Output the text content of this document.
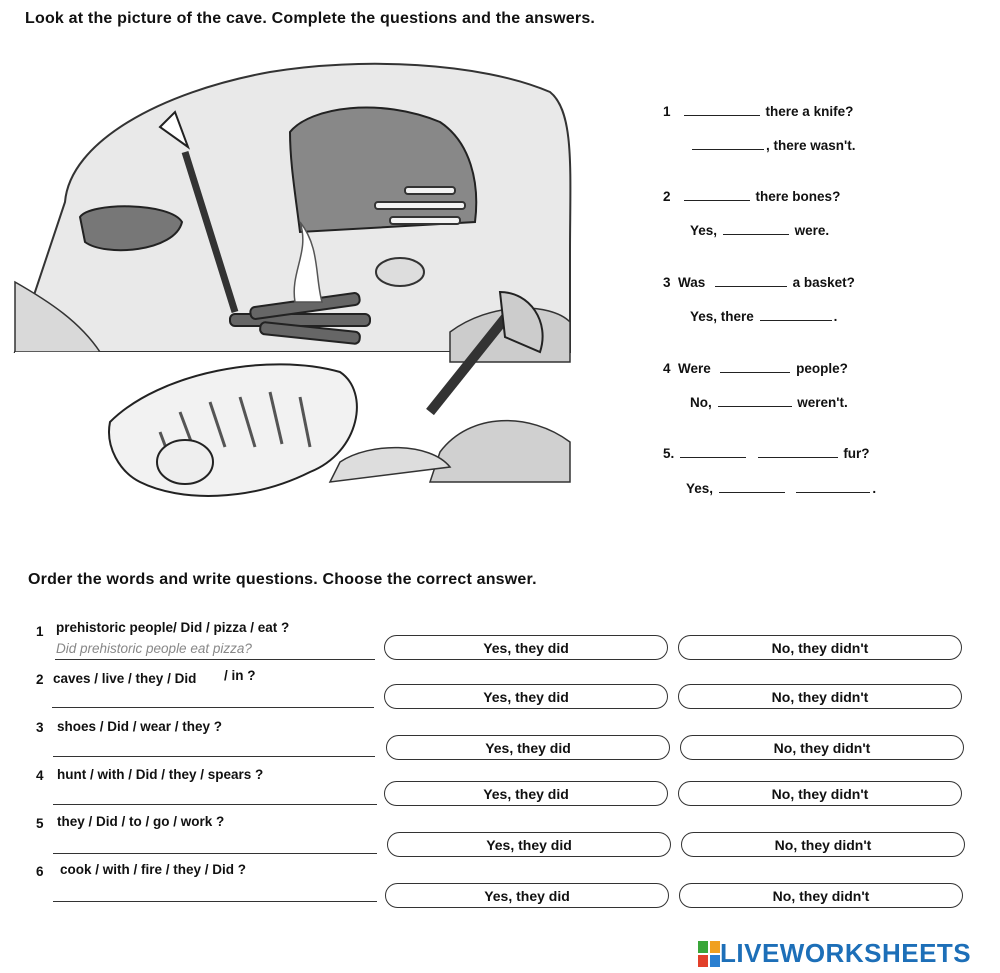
Look at the picture of the cave. Complete the questions and the answers.
1	there a knife?
, there wasn't.
2	there bones?
Yes,	were.
3 Was	a basket?
Yes, there	.
4 Were	people?
No,	weren't.
5.	fur?
Yes,	.
Order the words and write questions. Choose the correct answer.
1 prehistoric people/ Did / pizza / eat ?
Did prehistoric people eat pizza?	Yes, they did	No, they didn't
2 caves / live / they / Did / in ?
Yes, they did	No, they didn't
3 shoes / Did / wear / they ?
Yes, they did	No, they didn't
4 hunt / with / Did / they / spears ?
Yes, they did	No, they didn't
5 they / Did / to / go / work ?
Yes, they did	No, they didn't
6 cook / with / fire / they / Did ?
Yes, they did	No, they didn't
LIVEWORKSHEETS
